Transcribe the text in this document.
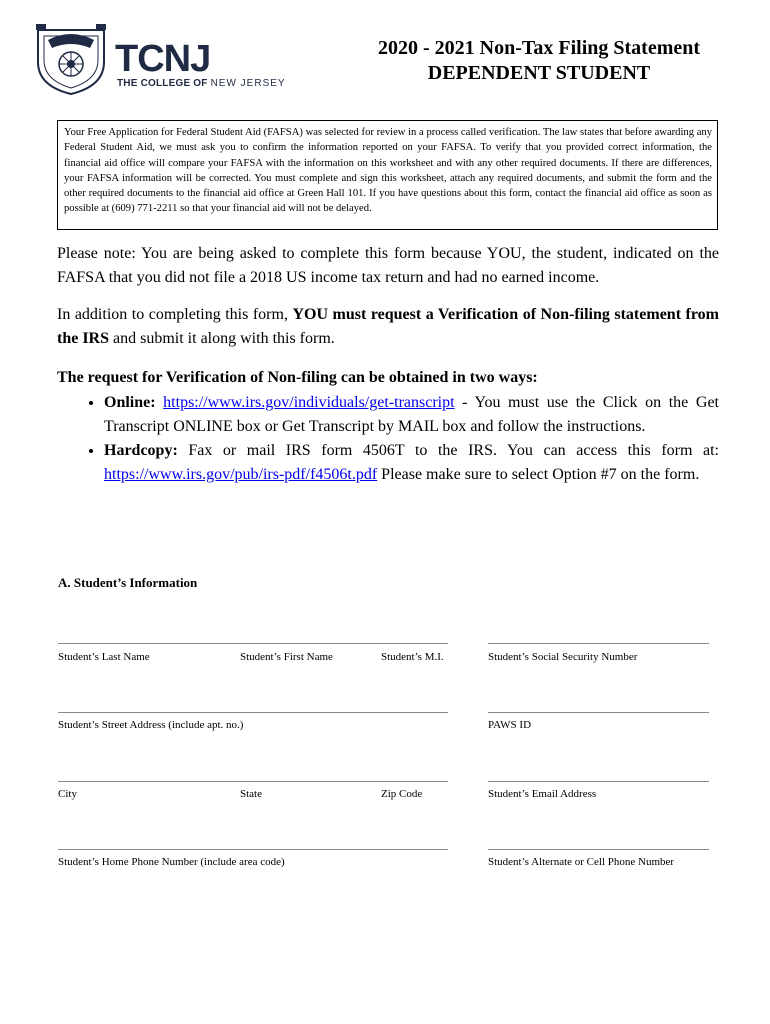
TCNJ
THE COLLEGE OF NEW JERSEY
2020 - 2021 Non-Tax Filing Statement
DEPENDENT STUDENT
Your Free Application for Federal Student Aid (FAFSA) was selected for review in a process called verification. The law states that before awarding any Federal Student Aid, we must ask you to confirm the information reported on your FAFSA. To verify that you provided correct information, the financial aid office will compare your FAFSA with the information on this worksheet and with any other required documents. If there are differences, your FAFSA information will be corrected. You must complete and sign this worksheet, attach any required documents, and submit the form and the other required documents to the financial aid office at Green Hall 101. If you have questions about this form, contact the financial aid office as soon as possible at (609) 771-2211 so that your financial aid will not be delayed.
Please note: You are being asked to complete this form because YOU, the student, indicated on the FAFSA that you did not file a 2018 US income tax return and had no earned income.
In addition to completing this form, YOU must request a Verification of Non-filing statement from the IRS and submit it along with this form.
The request for Verification of Non-filing can be obtained in two ways:
• Online: https://www.irs.gov/individuals/get-transcript - You must use the Click on the Get Transcript ONLINE box or Get Transcript by MAIL box and follow the instructions.
• Hardcopy: Fax or mail IRS form 4506T to the IRS. You can access this form at: https://www.irs.gov/pub/irs-pdf/f4506t.pdf Please make sure to select Option #7 on the form.
A. Student’s Information
Student’s Last Name	Student’s First Name	Student’s M.I.	Student’s Social Security Number
Student’s Street Address (include apt. no.)	PAWS ID
City	State	Zip Code	Student’s Email Address
Student’s Home Phone Number (include area code)	Student’s Alternate or Cell Phone Number
